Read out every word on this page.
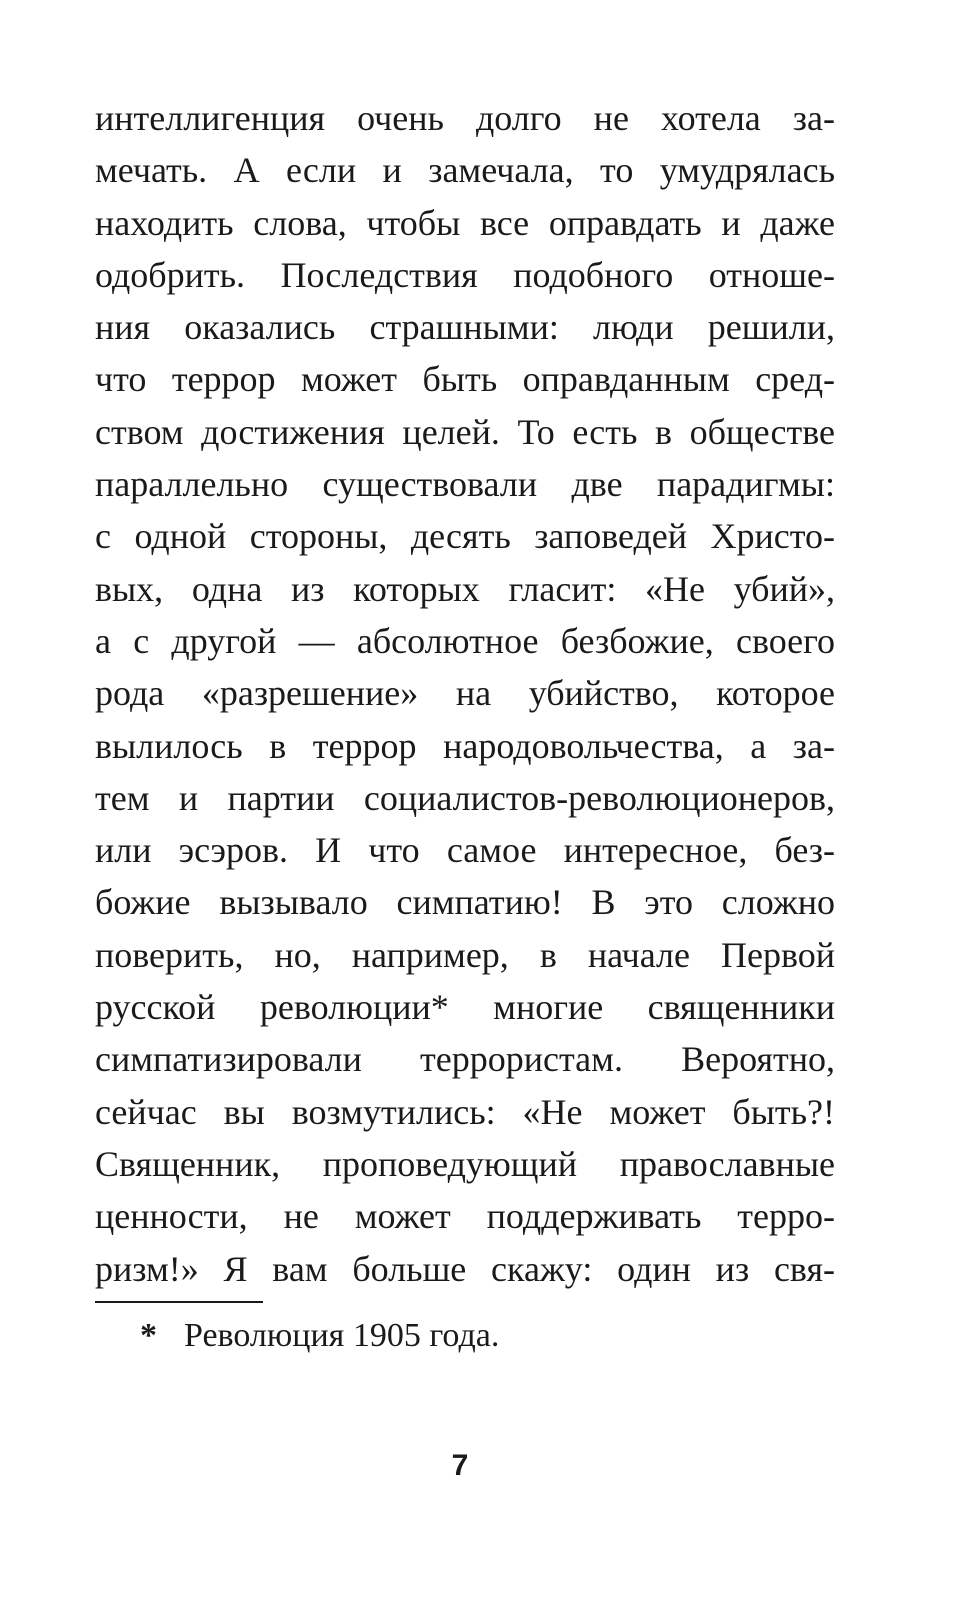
интеллигенция очень долго не хотела за-
мечать. А если и замечала, то умудрялась
находить слова, чтобы все оправдать и даже
одобрить. Последствия подобного отноше-
ния оказались страшными: люди решили,
что террор может быть оправданным сред-
ством достижения целей. То есть в обществе
параллельно существовали две парадигмы:
с одной стороны, десять заповедей Христо-
вых, одна из которых гласит: «Не убий»,
а с другой — абсолютное безбожие, своего
рода «разрешение» на убийство, которое
вылилось в террор народовольчества, а за-
тем и партии социалистов-революционеров,
или эсэров. И что самое интересное, без-
божие вызывало симпатию! В это сложно
поверить, но, например, в начале Первой
русской революции* многие священники
симпатизировали террористам. Вероятно,
сейчас вы возмутились: «Не может быть?!
Священник, проповедующий православные
ценности, не может поддерживать терро-
ризм!» Я вам больше скажу: один из свя-
* Революция 1905 года.
7
